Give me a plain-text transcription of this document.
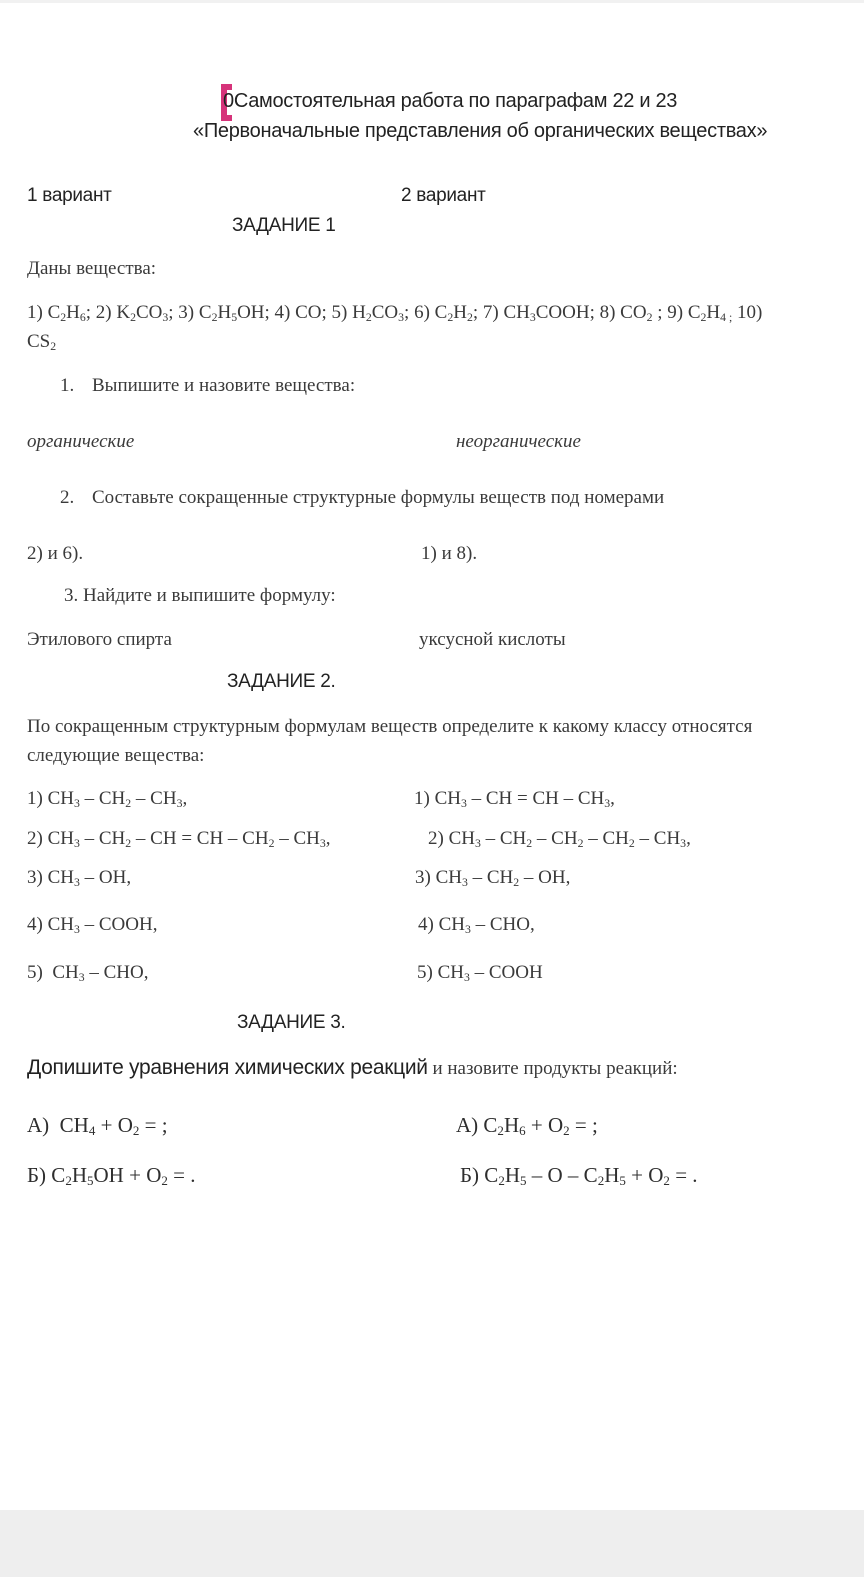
0Самостоятельная работа по параграфам 22 и 23
«Первоначальные представления об органических веществах»
1 вариант	2 вариант
ЗАДАНИЕ 1
Даны вещества:
1) $C_2H_6$; 2) $K_2CO_3$; 3) $C_2H_5OH$; 4) CO; 5) $H_2CO_3$; 6) $C_2H_2$; 7) $CH_3COOH$; 8) $CO_2$ ; 9) $C_2H_{4 ;}$ 10)
$CS_2$
1. Выпишите и назовите вещества:
органические	неорганические
2. Составьте сокращенные структурные формулы веществ под номерами
2) и 6).	1) и 8).
3. Найдите и выпишите формулу:
Этилового спирта	уксусной кислоты
ЗАДАНИЕ 2.
По сокращенным структурным формулам веществ определите к какому классу относятся
следующие вещества:
1) $CH_3 - CH_2 - CH_3$,	1) $CH_3$ – CH = CH – $CH_3$,
2) $CH_3 - CH_2$ – CH = CH – $CH_2 - CH_3$,	2) $CH_3 - CH_2 - CH_2 - CH_2 - CH_3$,
3) $CH_3$ – OH,	3) $CH_3 - CH_2$ – OH,
4) $CH_3$ – COOH,	4) $CH_3$ – CHO,
5)  $CH_3$ – CHO,	5) $CH_3$ – COOH
ЗАДАНИЕ 3.
Допишите уравнения химических реакций и назовите продукты реакций:
А)  $CH_4 + O_2$ = ;	А) $C_2H_6 + O_2$ = ;
Б) $C_2H_5OH + O_2$ = .	Б) $C_2H_5 - O - C_2H_5 + O_2$ = .
